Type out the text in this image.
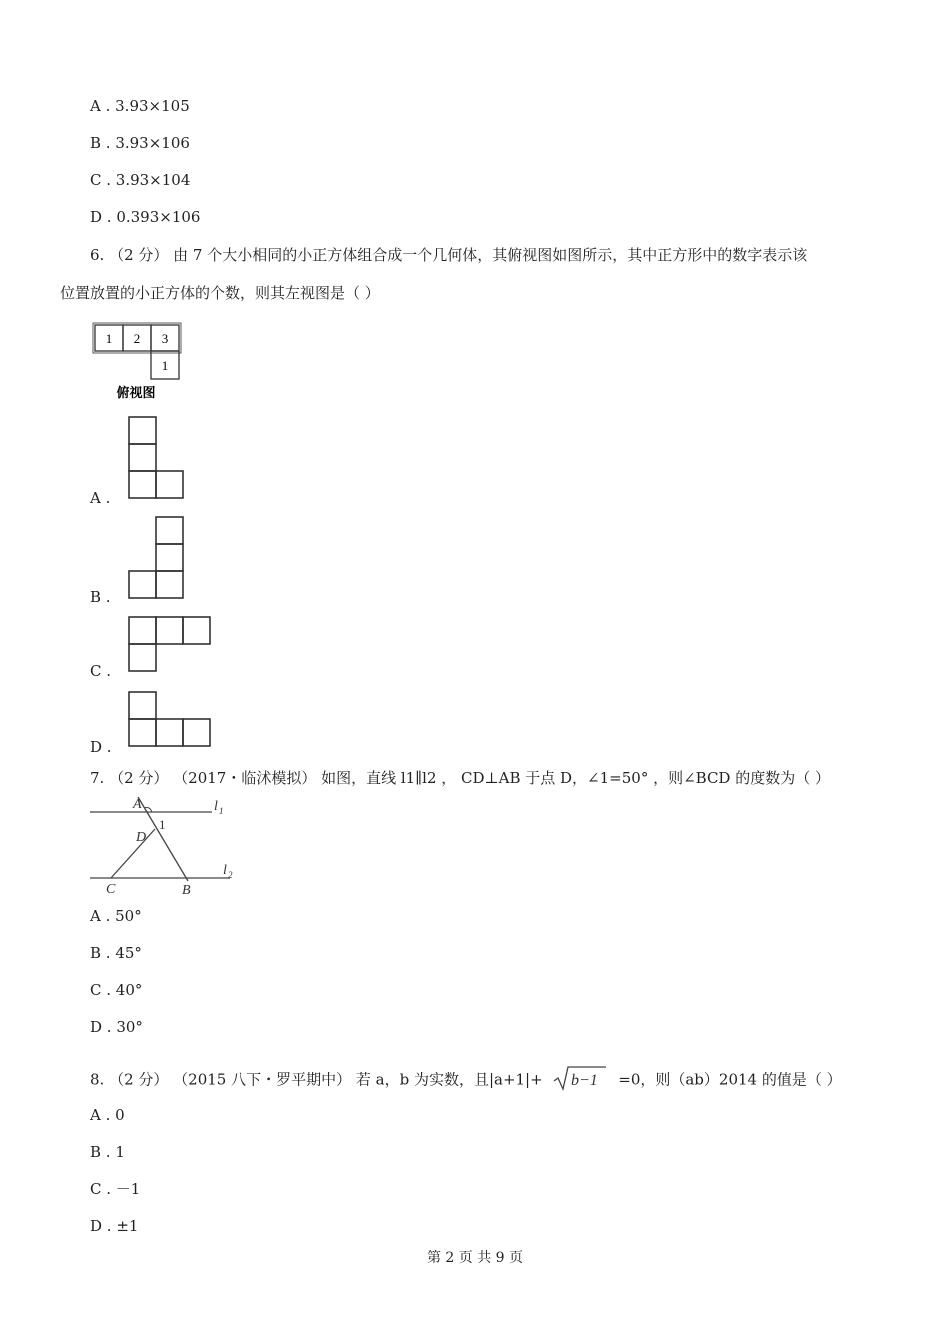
A . 3.93×105
B . 3.93×106
C . 3.93×104
D . 0.393×106
6. （2 分） 由 7 个大小相同的小正方体组合成一个几何体，其俯视图如图所示，其中正方形中的数字表示该
位置放置的小正方体的个数，则其左视图是（ ）
1 2 3
1
俯视图
A .
B .
C .
D .
7. （2 分） （2017・临沭模拟） 如图，直线 l1∥l2 ， CD⊥AB 于点 D，∠1=50° ，则∠BCD 的度数为（ ）
A
D
C	B
l 1
l 2
1
A . 50°
B . 45°
C . 40°
D . 30°
8. （2 分） （2015 八下・罗平期中） 若 a，b 为实数，且|a+1|+ b−1 =0，则（ab）2014 的值是（ ）
A . 0
B . 1
C . －1
D . ±1
第 2 页 共 9 页
